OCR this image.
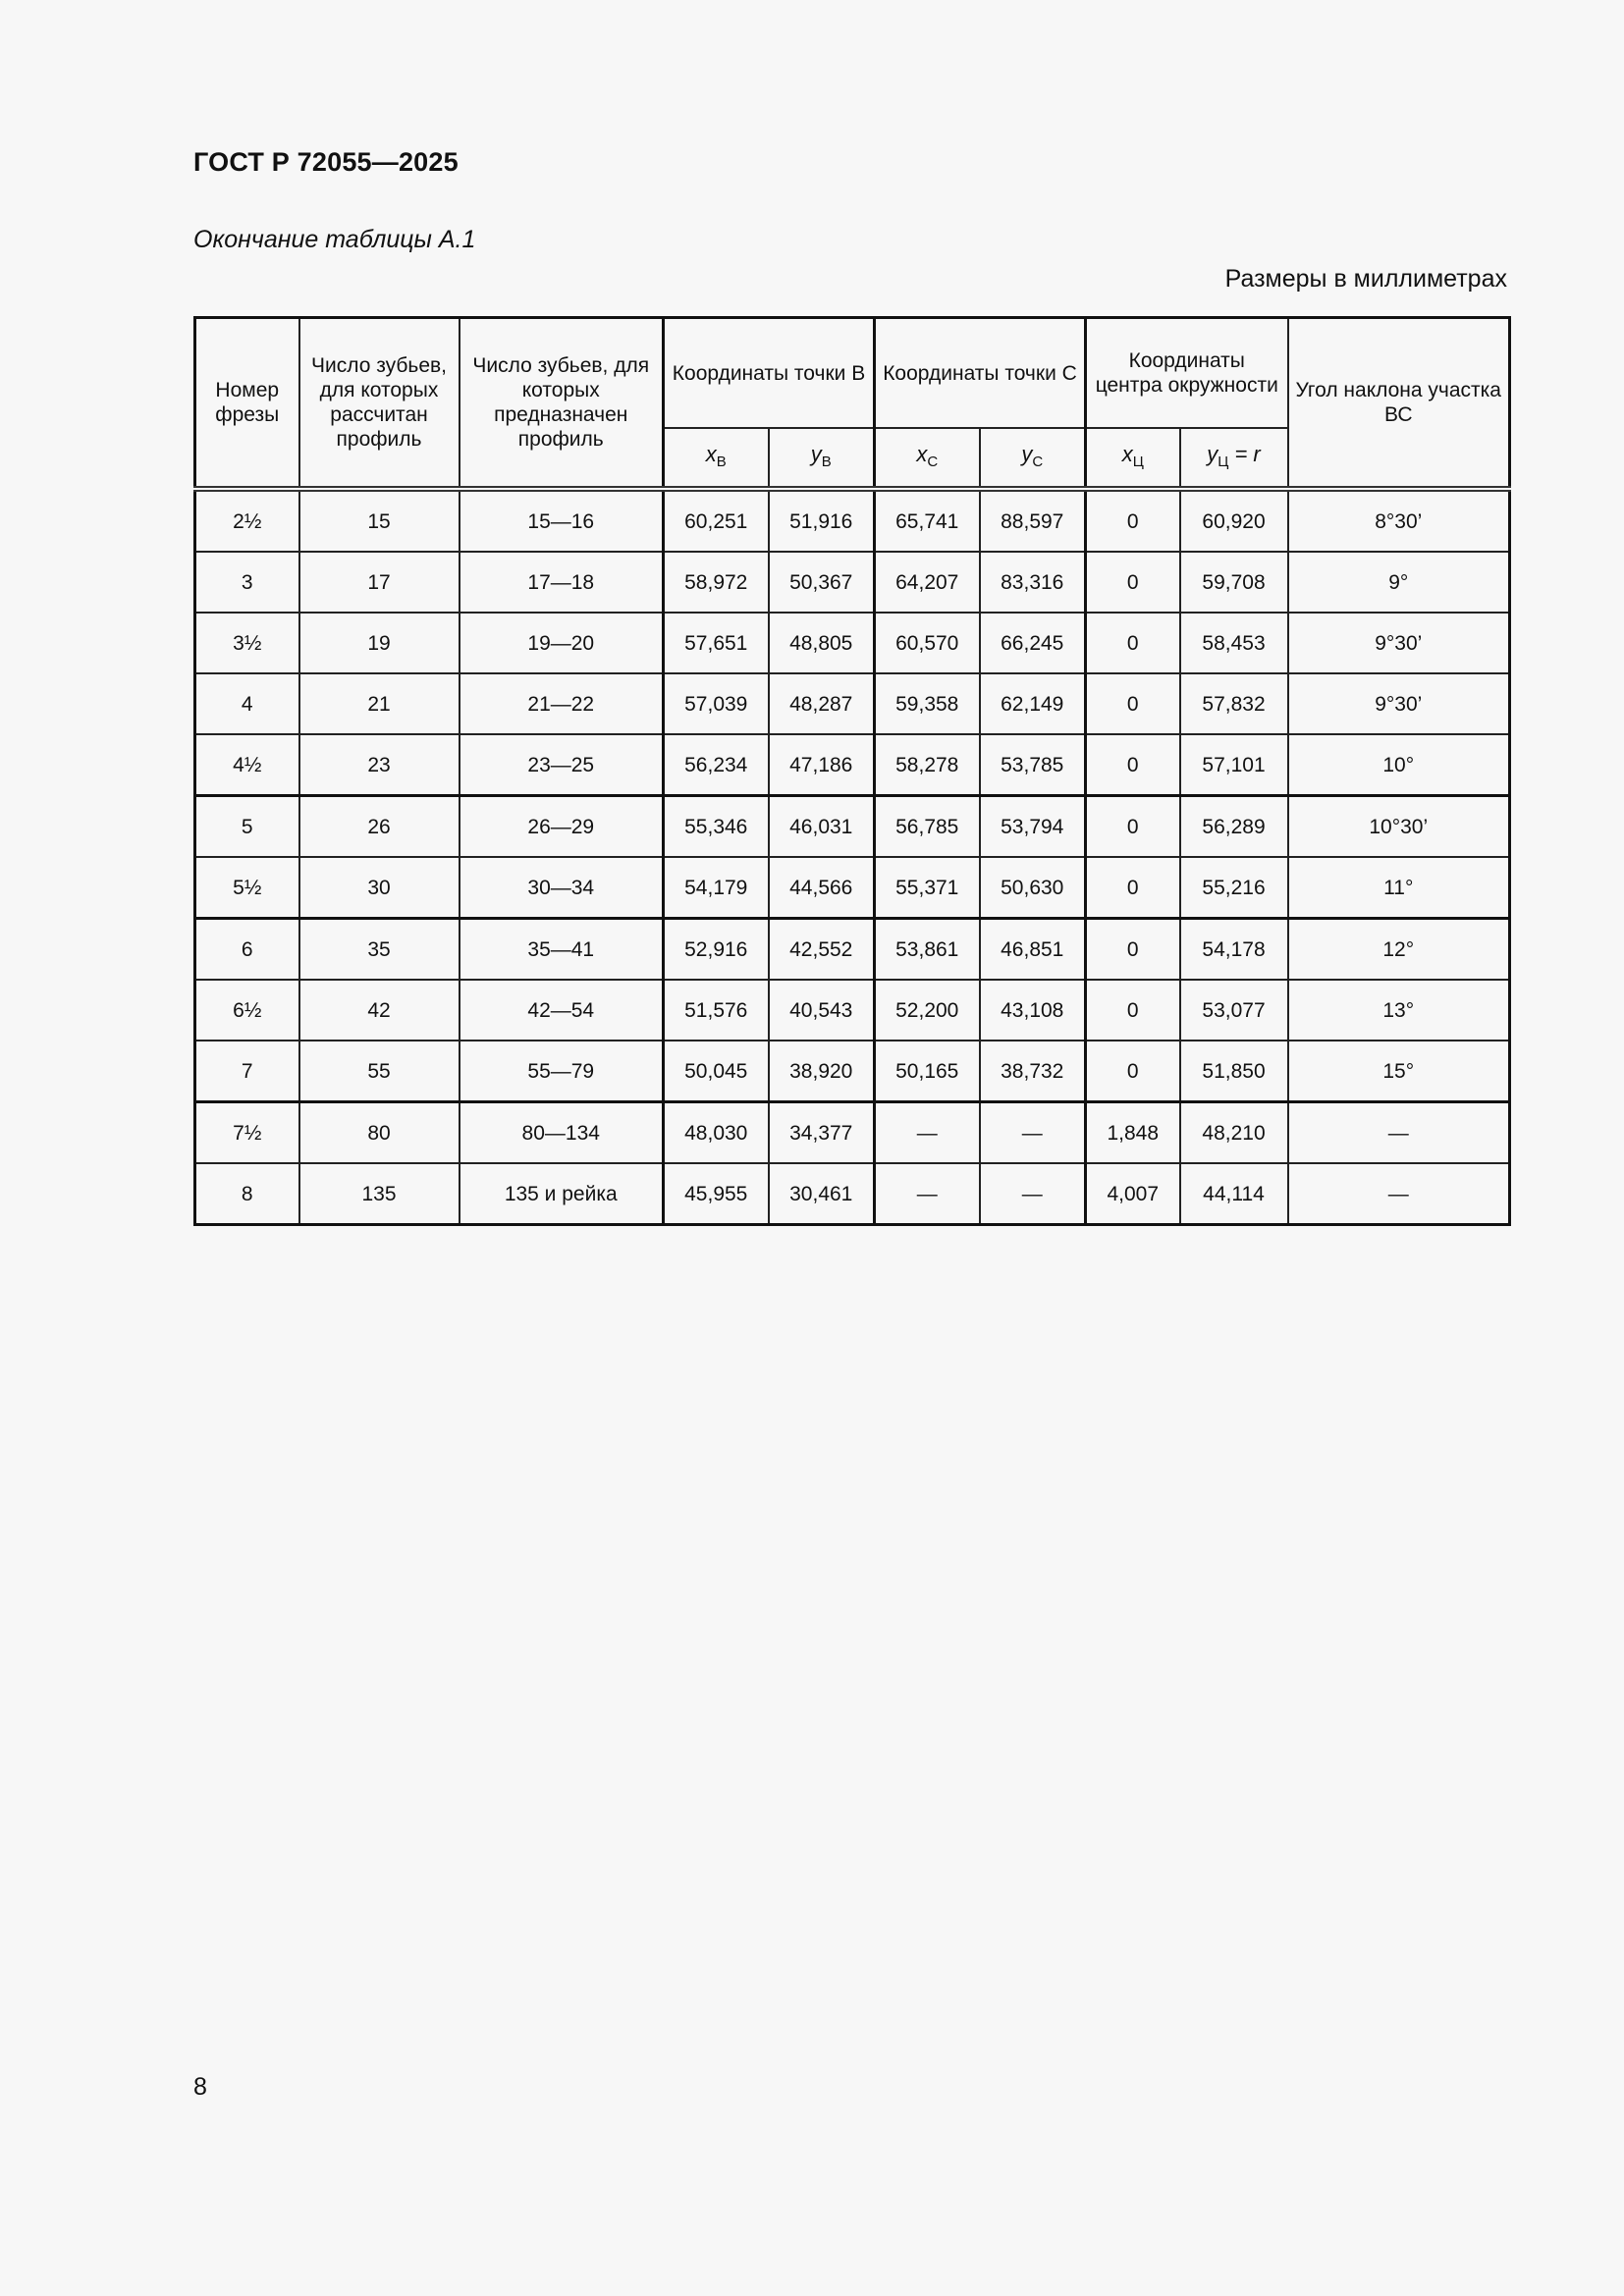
ГОСТ Р 72055—2025
Окончание таблицы А.1
Размеры в миллиметрах
Номер фрезы	Число зубьев, для которых рассчитан профиль	Число зубьев, для которых предназначен профиль	Координаты точки В		Координаты точки С		Координаты центра окружности		Угол наклона участка ВС
			$x_В$	$y_В$	$x_С$	$y_С$	$x_Ц$	$y_Ц = r$	
2½	15	15—16	60,251	51,916	65,741	88,597	0	60,920	8°30’
3	17	17—18	58,972	50,367	64,207	83,316	0	59,708	9°
3½	19	19—20	57,651	48,805	60,570	66,245	0	58,453	9°30’
4	21	21—22	57,039	48,287	59,358	62,149	0	57,832	9°30’
4½	23	23—25	56,234	47,186	58,278	53,785	0	57,101	10°
5	26	26—29	55,346	46,031	56,785	53,794	0	56,289	10°30’
5½	30	30—34	54,179	44,566	55,371	50,630	0	55,216	11°
6	35	35—41	52,916	42,552	53,861	46,851	0	54,178	12°
6½	42	42—54	51,576	40,543	52,200	43,108	0	53,077	13°
7	55	55—79	50,045	38,920	50,165	38,732	0	51,850	15°
7½	80	80—134	48,030	34,377	—	—	1,848	48,210	—
8	135	135 и рейка	45,955	30,461	—	—	4,007	44,114	—
8
